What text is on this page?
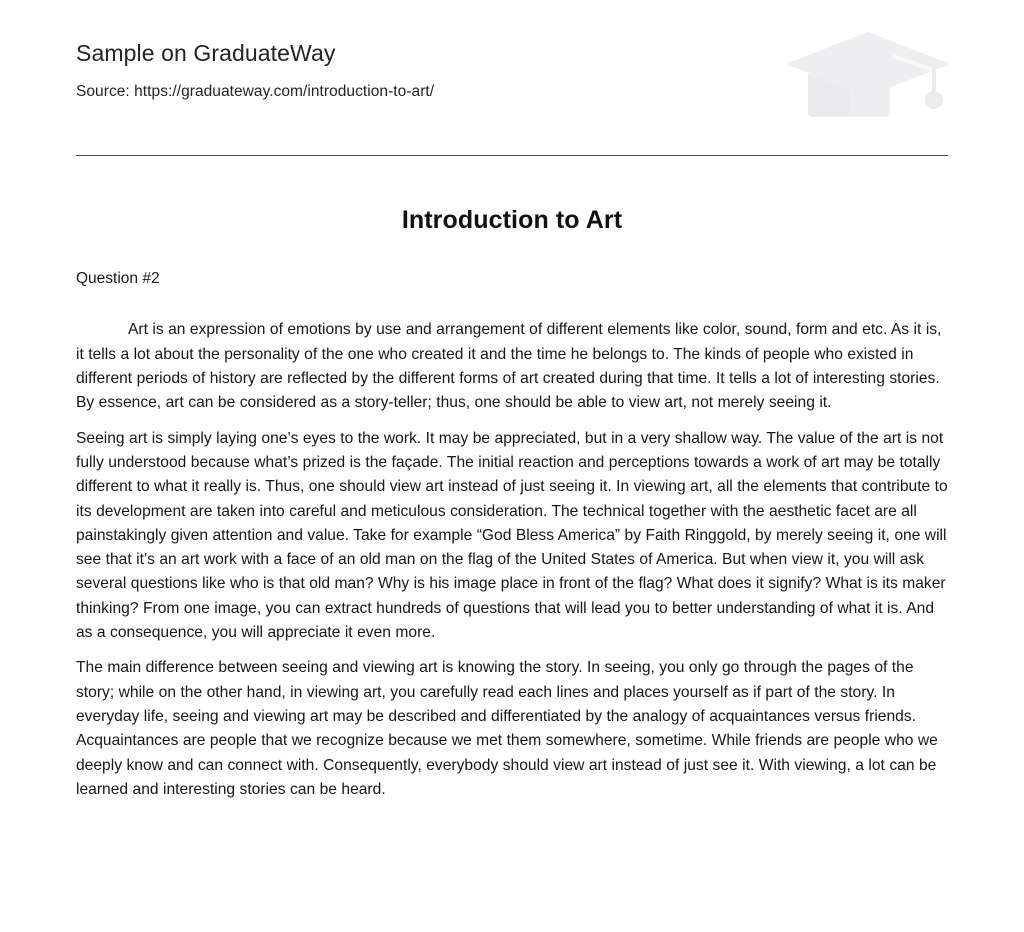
Sample on GraduateWay

Source: https://graduateway.com/introduction-to-art/

Introduction to Art

Question #2

Art is an expression of emotions by use and arrangement of different elements like color, sound, form and etc. As it is, it tells a lot about the personality of the one who created it and the time he belongs to. The kinds of people who existed in different periods of history are reflected by the different forms of art created during that time. It tells a lot of interesting stories. By essence, art can be considered as a story-teller; thus, one should be able to view art, not merely seeing it.

Seeing art is simply laying one’s eyes to the work. It may be appreciated, but in a very shallow way. The value of the art is not fully understood because what’s prized is the façade. The initial reaction and perceptions towards a work of art may be totally different to what it really is. Thus, one should view art instead of just seeing it. In viewing art, all the elements that contribute to its development are taken into careful and meticulous consideration. The technical together with the aesthetic facet are all painstakingly given attention and value. Take for example “God Bless America” by Faith Ringgold, by merely seeing it, one will see that it’s an art work with a face of an old man on the flag of the United States of America. But when view it, you will ask several questions like who is that old man? Why is his image place in front of the flag? What does it signify? What is its maker thinking? From one image, you can extract hundreds of questions that will lead you to better understanding of what it is. And as a consequence, you will appreciate it even more.

The main difference between seeing and viewing art is knowing the story. In seeing, you only go through the pages of the story; while on the other hand, in viewing art, you carefully read each lines and places yourself as if part of the story. In everyday life, seeing and viewing art may be described and differentiated by the analogy of acquaintances versus friends. Acquaintances are people that we recognize because we met them somewhere, sometime. While friends are people who we deeply know and can connect with. Consequently, everybody should view art instead of just see it. With viewing, a lot can be learned and interesting stories can be heard.
